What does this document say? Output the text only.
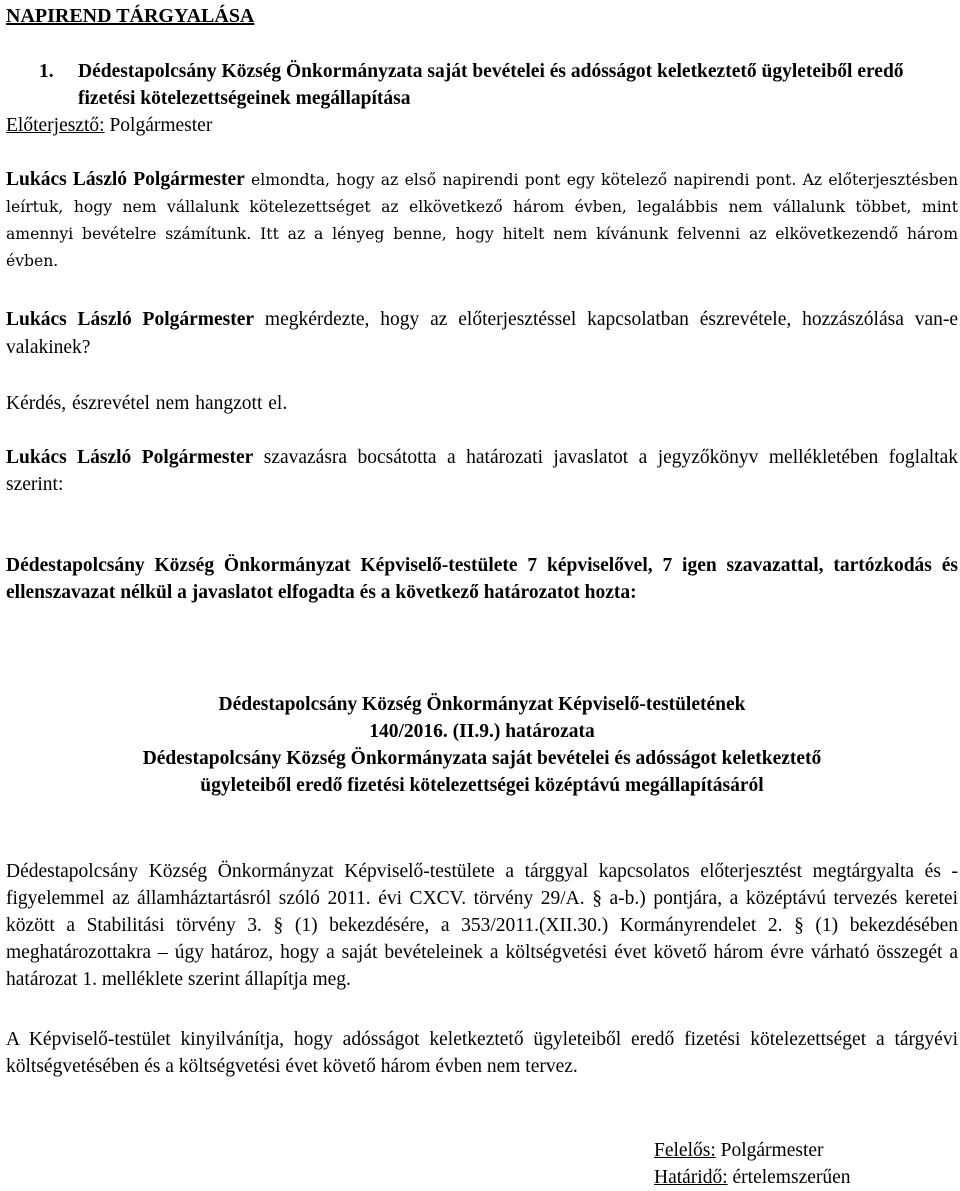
NAPIREND TÁRGYALÁSA
1. Dédestapolcsány Község Önkormányzata saját bevételei és adósságot keletkeztető ügyleteiből eredő fizetési kötelezettségeinek megállapítása
Előterjesztő: Polgármester

Lukács László Polgármester elmondta, hogy az első napirendi pont egy kötelező napirendi pont. Az előterjesztésben leírtuk, hogy nem vállalunk kötelezettséget az elkövetkező három évben, legalábbis nem vállalunk többet, mint amennyi bevételre számítunk. Itt az a lényeg benne, hogy hitelt nem kívánunk felvenni az elkövetkezendő három évben.

Lukács László Polgármester megkérdezte, hogy az előterjesztéssel kapcsolatban észrevétele, hozzászólása van-e valakinek?

Kérdés, észrevétel nem hangzott el.

Lukács László Polgármester szavazásra bocsátotta a határozati javaslatot a jegyzőkönyv mellékletében foglaltak szerint:

Dédestapolcsány Község Önkormányzat Képviselő-testülete 7 képviselővel, 7 igen szavazattal, tartózkodás és ellenszavazat nélkül a javaslatot elfogadta és a következő határozatot hozta:

Dédestapolcsány Község Önkormányzat Képviselő-testületének
140/2016. (II.9.) határozata
Dédestapolcsány Község Önkormányzata saját bevételei és adósságot keletkeztető
ügyleteiből eredő fizetési kötelezettségei középtávú megállapításáról

Dédestapolcsány Község Önkormányzat Képviselő-testülete a tárggyal kapcsolatos előterjesztést megtárgyalta és - figyelemmel az államháztartásról szóló 2011. évi CXCV. törvény 29/A. § a-b.) pontjára, a középtávú tervezés keretei között a Stabilitási törvény 3. § (1) bekezdésére, a 353/2011.(XII.30.) Kormányrendelet 2. § (1) bekezdésében meghatározottakra – úgy határoz, hogy a saját bevételeinek a költségvetési évet követő három évre várható összegét a határozat 1. melléklete szerint állapítja meg.

A Képviselő-testület kinyilvánítja, hogy adósságot keletkeztető ügyleteiből eredő fizetési kötelezettséget a tárgyévi költségvetésében és a költségvetési évet követő három évben nem tervez.

Felelős: Polgármester
Határidő: értelemszerűen
